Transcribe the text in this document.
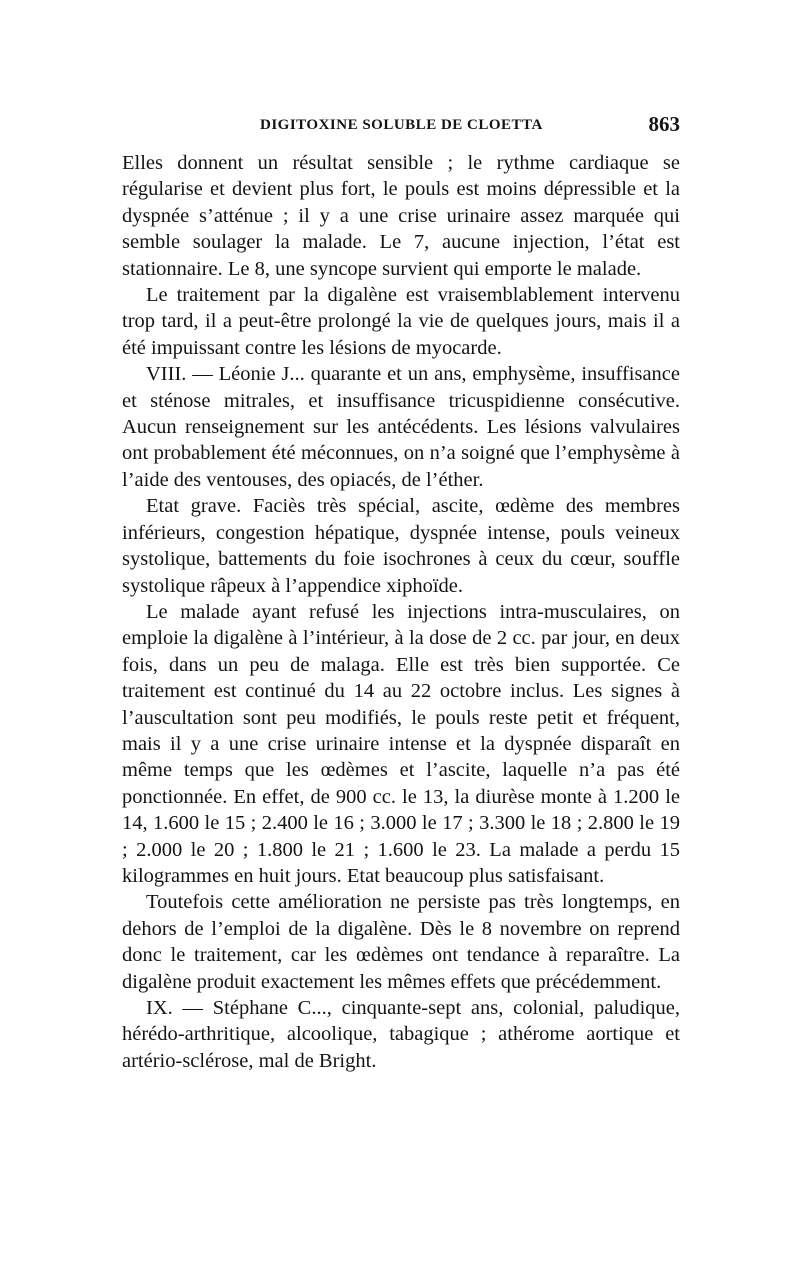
DIGITOXINE SOLUBLE DE CLOETTA	863

Elles donnent un résultat sensible ; le rythme cardiaque se régularise et devient plus fort, le pouls est moins dépressible et la dyspnée s’atténue ; il y a une crise urinaire assez marquée qui semble soulager la malade. Le 7, aucune injection, l’état est stationnaire. Le 8, une syncope survient qui emporte le malade.

Le traitement par la digalène est vraisemblablement intervenu trop tard, il a peut-être prolongé la vie de quelques jours, mais il a été impuissant contre les lésions de myocarde.

VIII. — Léonie J... quarante et un ans, emphysème, insuffisance et sténose mitrales, et insuffisance tricuspidienne consécutive. Aucun renseignement sur les antécédents. Les lésions valvulaires ont probablement été méconnues, on n’a soigné que l’emphysème à l’aide des ventouses, des opiacés, de l’éther.

Etat grave. Faciès très spécial, ascite, œdème des membres inférieurs, congestion hépatique, dyspnée intense, pouls veineux systolique, battements du foie isochrones à ceux du cœur, souffle systolique râpeux à l’appendice xiphoïde.

Le malade ayant refusé les injections intra-musculaires, on emploie la digalène à l’intérieur, à la dose de 2 cc. par jour, en deux fois, dans un peu de malaga. Elle est très bien supportée. Ce traitement est continué du 14 au 22 octobre inclus. Les signes à l’auscultation sont peu modifiés, le pouls reste petit et fréquent, mais il y a une crise urinaire intense et la dyspnée disparaît en même temps que les œdèmes et l’ascite, laquelle n’a pas été ponctionnée. En effet, de 900 cc. le 13, la diurèse monte à 1.200 le 14, 1.600 le 15 ; 2.400 le 16 ; 3.000 le 17 ; 3.300 le 18 ; 2.800 le 19 ; 2.000 le 20 ; 1.800 le 21 ; 1.600 le 23. La malade a perdu 15 kilogrammes en huit jours. Etat beaucoup plus satisfaisant.

Toutefois cette amélioration ne persiste pas très longtemps, en dehors de l’emploi de la digalène. Dès le 8 novembre on reprend donc le traitement, car les œdèmes ont tendance à reparaître. La digalène produit exactement les mêmes effets que précédemment.

IX. — Stéphane C..., cinquante-sept ans, colonial, paludique, hérédo-arthritique, alcoolique, tabagique ; athérome aortique et artério-sclérose, mal de Bright.
